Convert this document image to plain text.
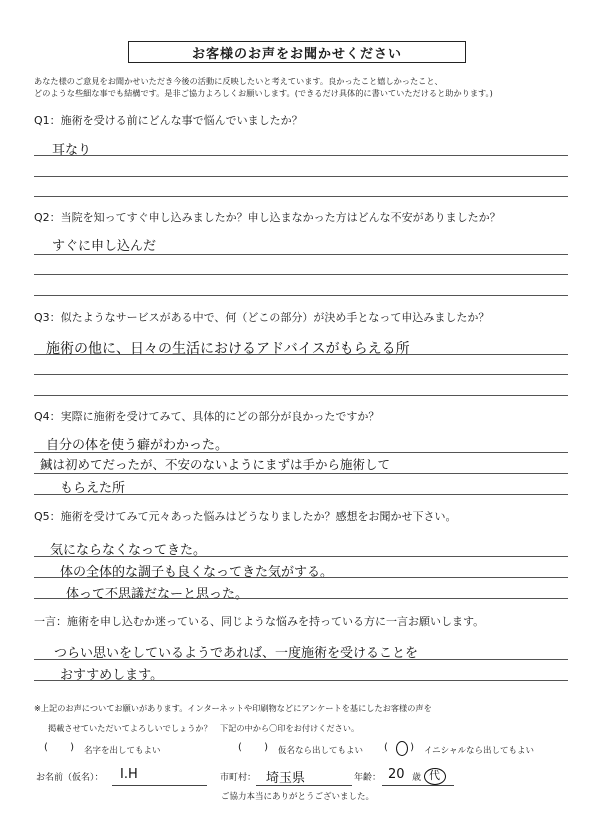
お客様のお声をお聞かせください
あなた様のご意見をお聞かせいただき今後の活動に反映したいと考えています。良かったこと嬉しかったこと、
どのような些細な事でも結構です。是非ご協力よろしくお願いします。(できるだけ具体的に書いていただけると助かります。)
Q1：施術を受ける前にどんな事で悩んでいましたか？
耳なり
Q2：当院を知ってすぐ申し込みましたか？申し込まなかった方はどんな不安がありましたか？
すぐに申し込んだ
Q3：似たようなサービスがある中で、何（どこの部分）が決め手となって申込みましたか？
施術の他に、日々の生活におけるアドバイスがもらえる所
Q4：実際に施術を受けてみて、具体的にどの部分が良かったですか？
自分の体を使う癖がわかった。
鍼は初めてだったが、不安のないようにまずは手から施術して
もらえた所
Q5：施術を受けてみて元々あった悩みはどうなりましたか？感想をお聞かせ下さい。
気にならなくなってきた。
体の全体的な調子も良くなってきた気がする。
体って不思議だなーと思った。
一言：施術を申し込むか迷っている、同じような悩みを持っている方に一言お願いします。
つらい思いをしているようであれば、一度施術を受けることを
おすすめします。
※上記のお声についてお願いがあります。インターネットや印刷物などにアンケートを基にしたお客様の声を
掲載させていただいてよろしいでしょうか？　下記の中から〇印をお付けください。
(       ) 名字を出してもよい	(       ) 仮名なら出してもよい (       ) イニシャルなら出してもよい
お名前（仮名）： I.H	市町村： 埼玉県	年齢： 20 歳 代
ご協力本当にありがとうございました。
